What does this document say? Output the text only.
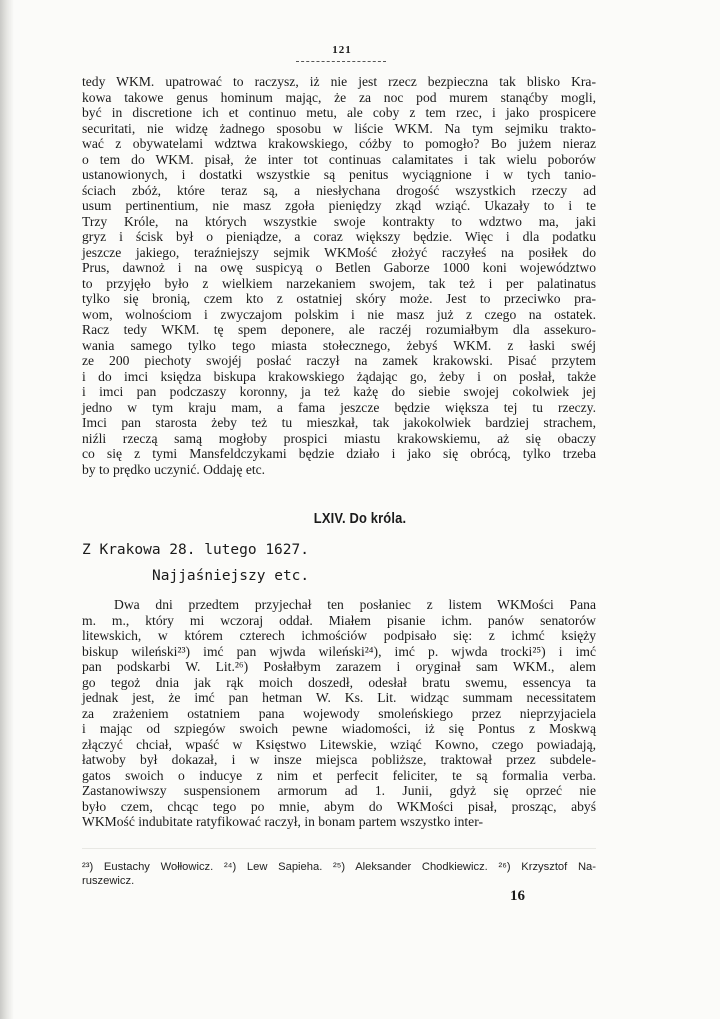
121
tedy WKM. upatrować to raczysz, iż nie jest rzecz bezpieczna tak blisko Kra-
kowa takowe genus hominum mając, że za noc pod murem stanąćby mogli,
być in discretione ich et continuo metu, ale coby z tem rzec, i jako prospicere
securitati, nie widzę żadnego sposobu w liście WKM. Na tym sejmiku trakto-
wać z obywatelami wdztwa krakowskiego, cóżby to pomogło? Bo jużem nieraz
o tem do WKM. pisał, że inter tot continuas calamitates i tak wielu poborów
ustanowionych, i dostatki wszystkie są penitus wyciągnione i w tych tanio-
ściach zbóż, które teraz są, a niesłychana drogość wszystkich rzeczy ad
usum pertinentium, nie masz zgoła pieniędzy zkąd wziąć. Ukazały to i te
Trzy Króle, na których wszystkie swoje kontrakty to wdztwo ma, jaki
gryz i ścisk był o pieniądze, a coraz większy będzie. Więc i dla podatku
jeszcze jakiego, teraźniejszy sejmik WKMość złożyć raczyłeś na posiłek do
Prus, dawnoż i na owę suspicyą o Betlen Gaborze 1000 koni województwo
to przyjęło było z wielkiem narzekaniem swojem, tak też i per palatinatus
tylko się bronią, czem kto z ostatniej skóry może. Jest to przeciwko pra-
wom, wolnościom i zwyczajom polskim i nie masz już z czego na ostatek.
Racz tedy WKM. tę spem deponere, ale raczéj rozumiałbym dla assekuro-
wania samego tylko tego miasta stołecznego, żebyś WKM. z łaski swéj
ze 200 piechoty swojéj posłać raczył na zamek krakowski. Pisać przytem
i do imci księdza biskupa krakowskiego żądając go, żeby i on posłał, także
i imci pan podczaszy koronny, ja też każę do siebie swojej cokolwiek jej
jedno w tym kraju mam, a fama jeszcze będzie większa tej tu rzeczy.
Imci pan starosta żeby też tu mieszkał, tak jakokolwiek bardziej strachem,
niźli rzeczą samą mogłoby prospici miastu krakowskiemu, aż się obaczy
co się z tymi Mansfeldczykami będzie działo i jako się obrócą, tylko trzeba
by to prędko uczynić. Oddaję etc.
LXIV. Do króla.
Z Krakowa 28. lutego 1627.
Najjaśniejszy etc.
Dwa dni przedtem przyjechał ten posłaniec z listem WKMości Pana
m. m., który mi wczoraj oddał. Miałem pisanie ichm. panów senatorów
litewskich, w którem czterech ichmościów podpisało się: z ichmć księży
biskup wileński²³) imć pan wjwda wileński²⁴), imć p. wjwda trocki²⁵) i imć
pan podskarbi W. Lit.²⁶) Posłałbym zarazem i oryginał sam WKM., alem
go tegoż dnia jak rąk moich doszedł, odesłał bratu swemu, essencya ta
jednak jest, że imć pan hetman W. Ks. Lit. widząc summam necessitatem
za zrażeniem ostatniem pana wojewody smoleńskiego przez nieprzyjaciela
i mając od szpiegów swoich pewne wiadomości, iż się Pontus z Moskwą
złączyć chciał, wpaść w Księstwo Litewskie, wziąć Kowno, czego powiadają,
łatwoby był dokazał, i w insze miejsca pobliższe, traktował przez subdele-
gatos swoich o inducye z nim et perfecit feliciter, te są formalia verba.
Zastanowiwszy suspensionem armorum ad 1. Junii, gdyż się oprzeć nie
było czem, chcąc tego po mnie, abym do WKMości pisał, prosząc, abyś
WKMość indubitate ratyfikować raczył, in bonam partem wszystko inter-
²³) Eustachy Wołłowicz. ²⁴) Lew Sapieha. ²⁵) Aleksander Chodkiewicz. ²⁶) Krzysztof Na-
ruszewicz.
16
